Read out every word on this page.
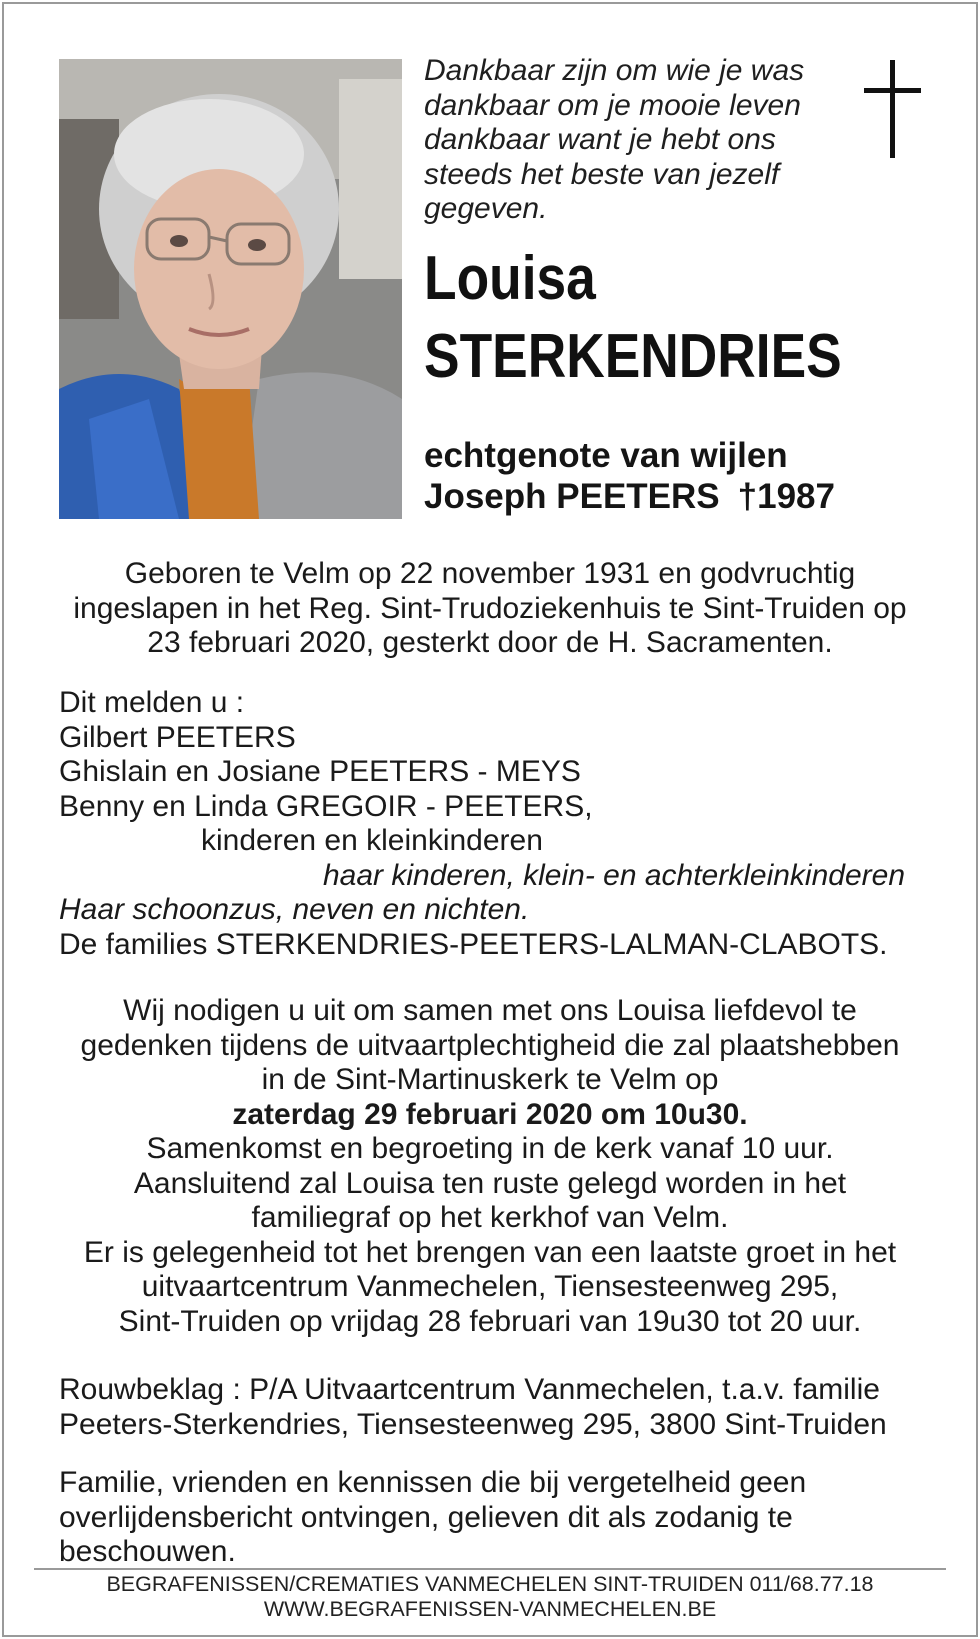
Dankbaar zijn om wie je was
dankbaar om je mooie leven
dankbaar want je hebt ons
steeds het beste van jezelf
gegeven.
Louisa
STERKENDRIES
echtgenote van wijlen
Joseph PEETERS †1987
Geboren te Velm op 22 november 1931 en godvruchtig
ingeslapen in het Reg. Sint-Trudoziekenhuis te Sint-Truiden op
23 februari 2020, gesterkt door de H. Sacramenten.
Dit melden u :
Gilbert PEETERS
Ghislain en Josiane PEETERS - MEYS
Benny en Linda GREGOIR - PEETERS,
kinderen en kleinkinderen
haar kinderen, klein- en achterkleinkinderen
Haar schoonzus, neven en nichten.
De families STERKENDRIES-PEETERS-LALMAN-CLABOTS.
Wij nodigen u uit om samen met ons Louisa liefdevol te
gedenken tijdens de uitvaartplechtigheid die zal plaatshebben
in de Sint-Martinuskerk te Velm op
zaterdag 29 februari 2020 om 10u30.
Samenkomst en begroeting in de kerk vanaf 10 uur.
Aansluitend zal Louisa ten ruste gelegd worden in het
familiegraf op het kerkhof van Velm.
Er is gelegenheid tot het brengen van een laatste groet in het
uitvaartcentrum Vanmechelen, Tiensesteenweg 295,
Sint-Truiden op vrijdag 28 februari van 19u30 tot 20 uur.
Rouwbeklag : P/A Uitvaartcentrum Vanmechelen, t.a.v. familie
Peeters-Sterkendries, Tiensesteenweg 295, 3800 Sint-Truiden
Familie, vrienden en kennissen die bij vergetelheid geen
overlijdensbericht ontvingen, gelieven dit als zodanig te
beschouwen.
BEGRAFENISSEN/CREMATIES VANMECHELEN SINT-TRUIDEN 011/68.77.18
WWW.BEGRAFENISSEN-VANMECHELEN.BE
